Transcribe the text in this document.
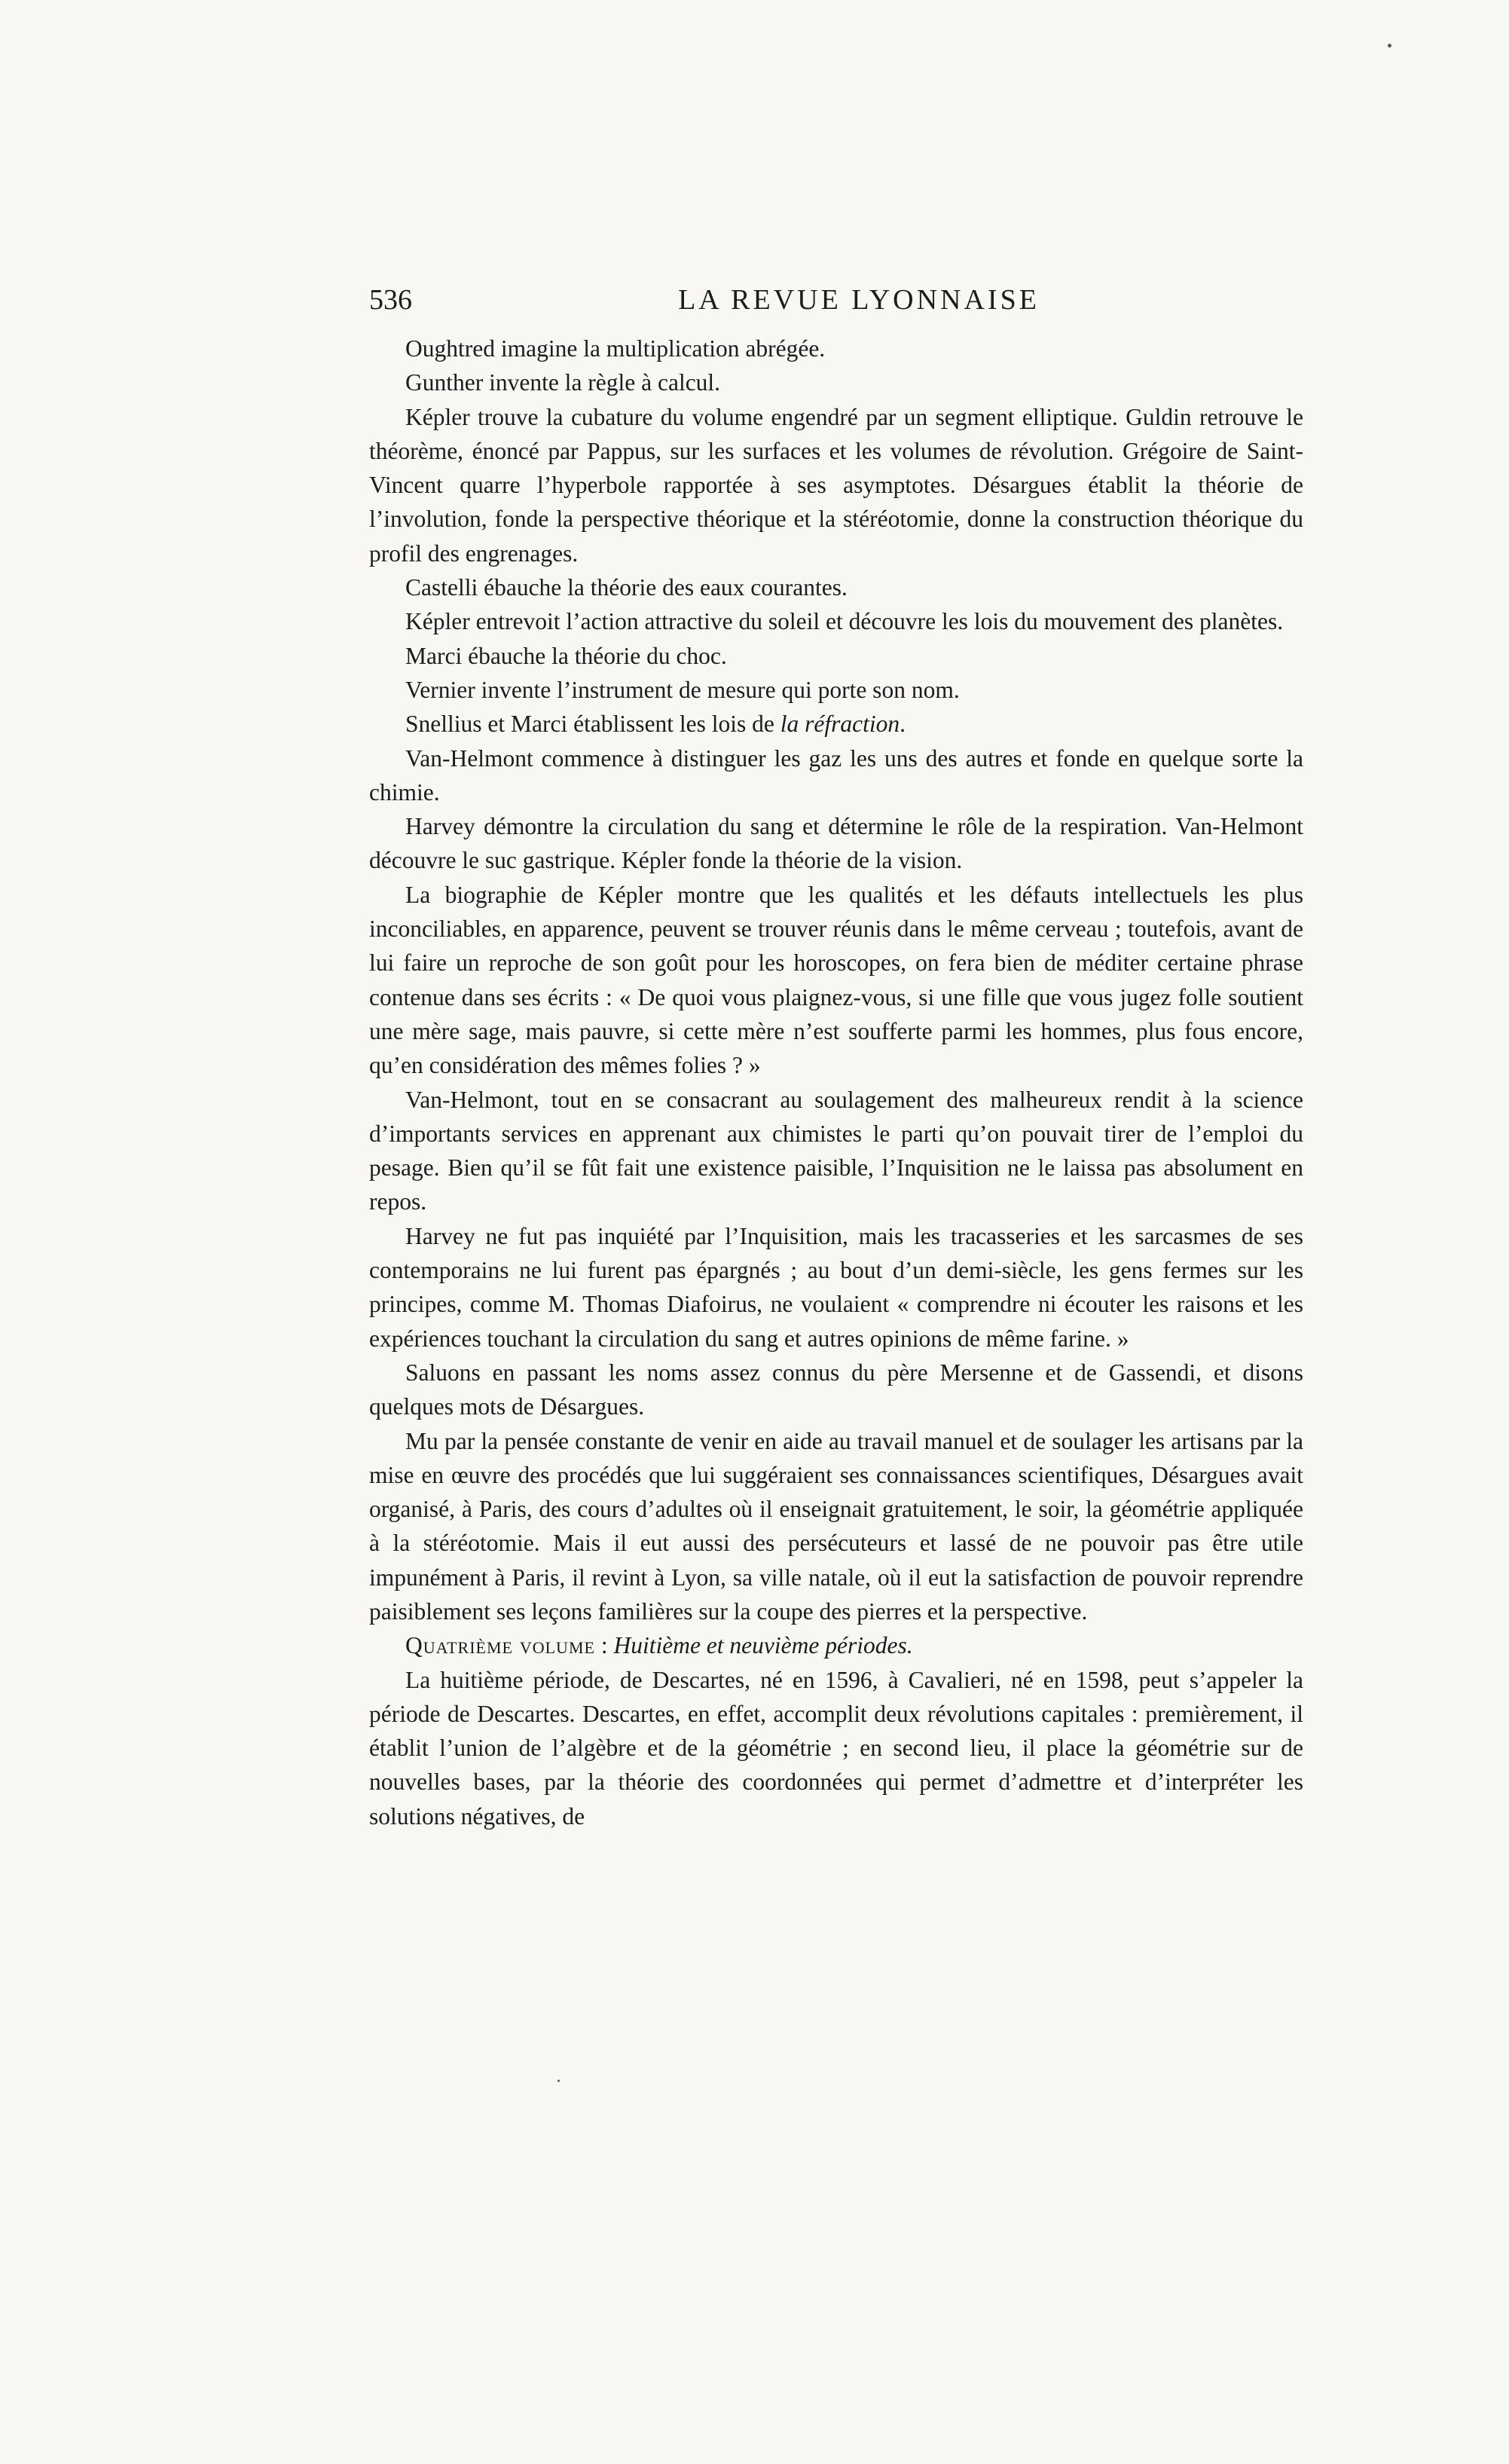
536	LA REVUE LYONNAISE

Oughtred imagine la multiplication abrégée.

Gunther invente la règle à calcul.

Képler trouve la cubature du volume engendré par un segment elliptique. Guldin retrouve le théorème, énoncé par Pappus, sur les surfaces et les volumes de révolution. Grégoire de Saint-Vincent quarre l’hyperbole rapportée à ses asymptotes. Désargues établit la théorie de l’involution, fonde la perspective théorique et la stéréotomie, donne la construction théorique du profil des engrenages.

Castelli ébauche la théorie des eaux courantes.

Képler entrevoit l’action attractive du soleil et découvre les lois du mouvement des planètes.

Marci ébauche la théorie du choc.

Vernier invente l’instrument de mesure qui porte son nom.

Snellius et Marci établissent les lois de la réfraction.

Van-Helmont commence à distinguer les gaz les uns des autres et fonde en quelque sorte la chimie.

Harvey démontre la circulation du sang et détermine le rôle de la respiration. Van-Helmont découvre le suc gastrique. Képler fonde la théorie de la vision.

La biographie de Képler montre que les qualités et les défauts intellectuels les plus inconciliables, en apparence, peuvent se trouver réunis dans le même cerveau ; toutefois, avant de lui faire un reproche de son goût pour les horoscopes, on fera bien de méditer certaine phrase contenue dans ses écrits : « De quoi vous plaignez-vous, si une fille que vous jugez folle soutient une mère sage, mais pauvre, si cette mère n’est soufferte parmi les hommes, plus fous encore, qu’en considération des mêmes folies ? »

Van-Helmont, tout en se consacrant au soulagement des malheureux rendit à la science d’importants services en apprenant aux chimistes le parti qu’on pouvait tirer de l’emploi du pesage. Bien qu’il se fût fait une existence paisible, l’Inquisition ne le laissa pas absolument en repos.

Harvey ne fut pas inquiété par l’Inquisition, mais les tracasseries et les sarcasmes de ses contemporains ne lui furent pas épargnés ; au bout d’un demi-siècle, les gens fermes sur les principes, comme M. Thomas Diafoirus, ne voulaient « comprendre ni écouter les raisons et les expériences touchant la circulation du sang et autres opinions de même farine. »

Saluons en passant les noms assez connus du père Mersenne et de Gassendi, et disons quelques mots de Désargues.

Mu par la pensée constante de venir en aide au travail manuel et de soulager les artisans par la mise en œuvre des procédés que lui suggéraient ses connaissances scientifiques, Désargues avait organisé, à Paris, des cours d’adultes où il enseignait gratuitement, le soir, la géométrie appliquée à la stéréotomie. Mais il eut aussi des persécuteurs et lassé de ne pouvoir pas être utile impunément à Paris, il revint à Lyon, sa ville natale, où il eut la satisfaction de pouvoir reprendre paisiblement ses leçons familières sur la coupe des pierres et la perspective.

Quatrième volume : Huitième et neuvième périodes.

La huitième période, de Descartes, né en 1596, à Cavalieri, né en 1598, peut s’appeler la période de Descartes. Descartes, en effet, accomplit deux révolutions capitales : premièrement, il établit l’union de l’algèbre et de la géométrie ; en second lieu, il place la géométrie sur de nouvelles bases, par la théorie des coordonnées qui permet d’admettre et d’interpréter les solutions négatives, de
